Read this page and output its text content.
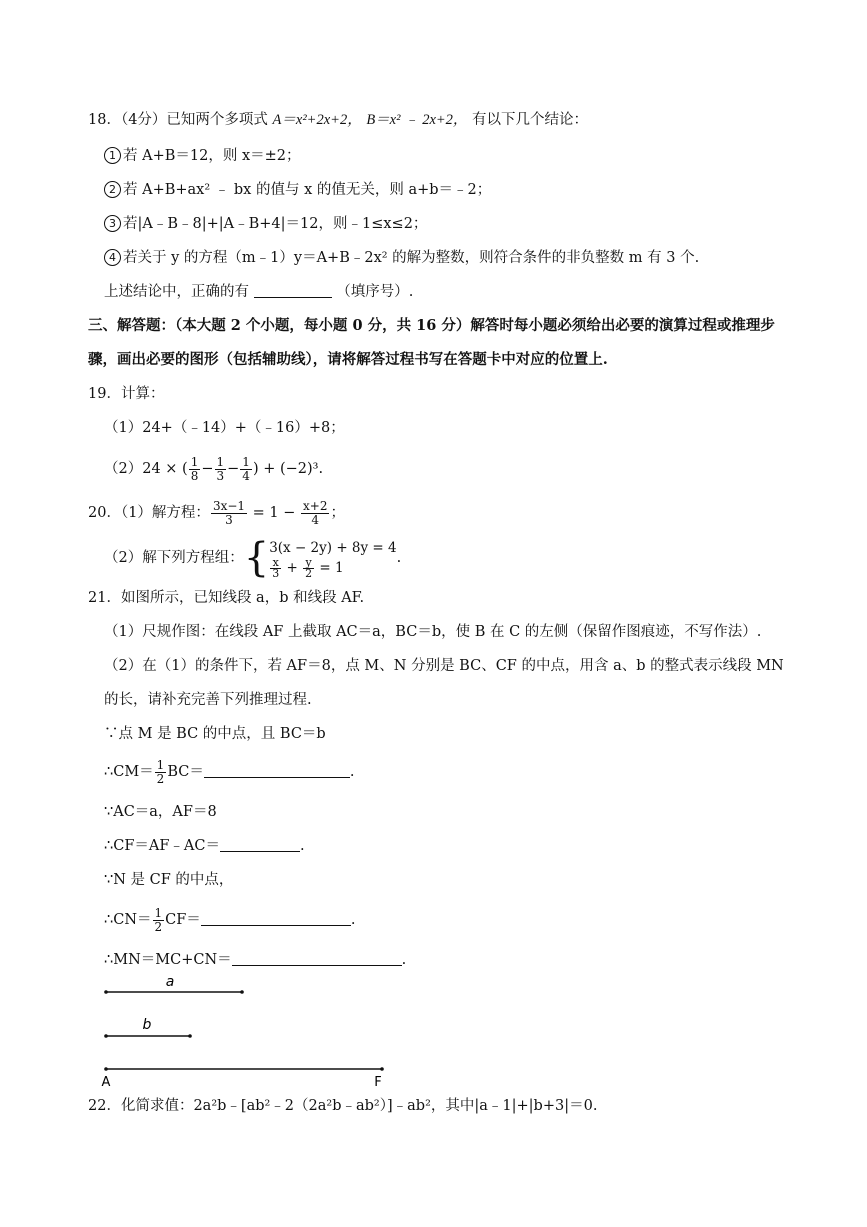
18．（4分）已知两个多项式 A＝x²+2x+2， B＝x² ﹣ 2x+2， 有以下几个结论：
1 若 A+B＝12，则 x＝±2；
2 若 A+B+ax² ﹣ bx 的值与 x 的值无关，则 a+b＝﹣2；
3 若|A﹣B﹣8|+|A﹣B+4|＝12，则﹣1≤x≤2；
4 若关于 y 的方程（m﹣1）y＝A+B﹣2x² 的解为整数，则符合条件的非负整数 m 有 3 个.
上述结论中，正确的有	（填序号）.
三、解答题：（本大题 2 个小题，每小题 0 分，共 16 分）解答时每小题必须给出必要的演算过程或推理步
骤，画出必要的图形（包括辅助线），请将解答过程书写在答题卡中对应的位置上.
19．计算：
（1）24+（﹣14）+（﹣16）+8；
（2）24 × ( $\frac{1}{8} - \frac{1}{3} - \frac{1}{4}$ ) + (−2)³.
20．（1）解方程： $\frac{3x-1}{3} = 1 - \frac{x+2}{4}$ ；
（2）解下列方程组：{ 3(x − 2y) + 8y = 4
$\frac{x}{3} + \frac{y}{2} = 1$
.
21．如图所示，已知线段 a，b 和线段 AF.
（1）尺规作图：在线段 AF 上截取 AC＝a，BC＝b，使 B 在 C 的左侧（保留作图痕迹，不写作法）.
（2）在（1）的条件下，若 AF＝8，点 M、N 分别是 BC、CF 的中点，用含 a、b 的整式表示线段 MN
的长，请补充完善下列推理过程.
∵点 M 是 BC 的中点，且 BC＝b
∴CM＝ $\frac{1}{2} BC=$	.
∵AC＝a，AF＝8
∴CF＝AF﹣AC＝	.
∵N 是 CF 的中点，
∴CN＝ $\frac{1}{2} CF=$	.
∴MN＝MC+CN＝	.
a
b
A	F
22．化简求值：2a²b﹣[ab²﹣2（2a²b﹣ab²）]﹣ab²，其中|a﹣1|+|b+3|＝0.
